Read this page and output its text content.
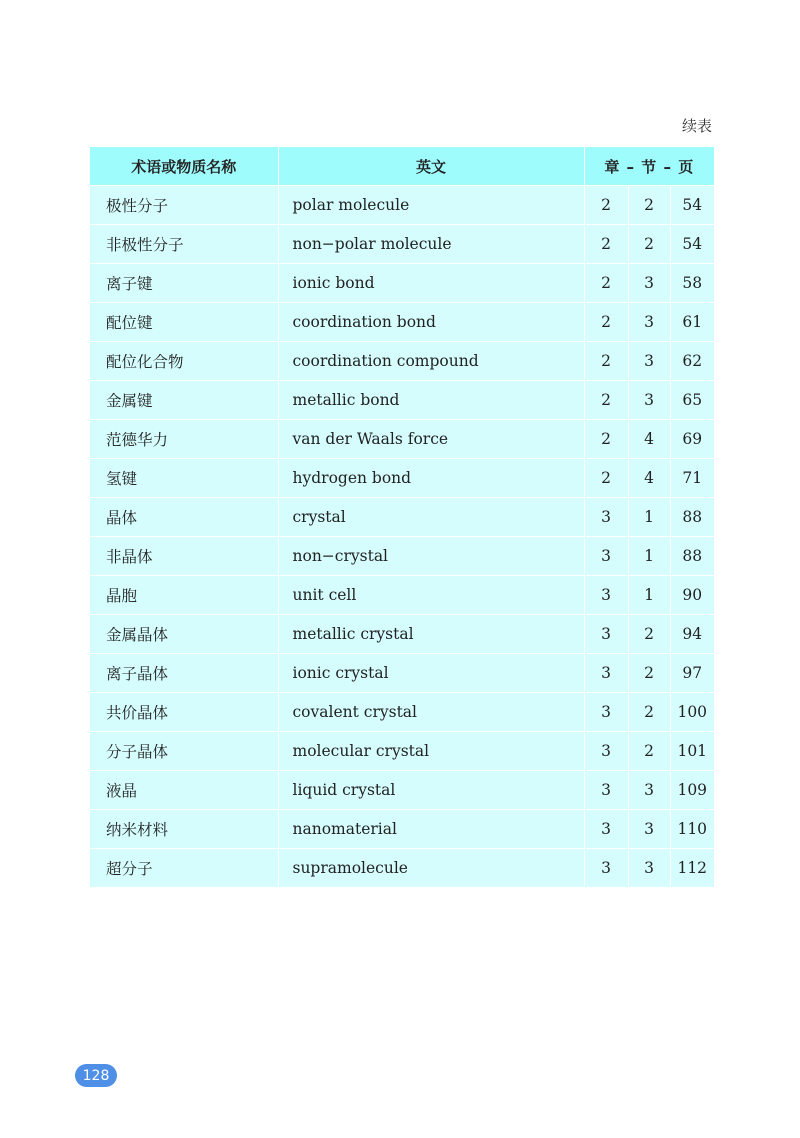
续表
术语或物质名称	英文	章 – 节 – 页		
极性分子	polar molecule	2	2	54
非极性分子	non−polar molecule	2	2	54
离子键	ionic bond	2	3	58
配位键	coordination bond	2	3	61
配位化合物	coordination compound	2	3	62
金属键	metallic bond	2	3	65
范德华力	van der Waals force	2	4	69
氢键	hydrogen bond	2	4	71
晶体	crystal	3	1	88
非晶体	non−crystal	3	1	88
晶胞	unit cell	3	1	90
金属晶体	metallic crystal	3	2	94
离子晶体	ionic crystal	3	2	97
共价晶体	covalent crystal	3	2	100
分子晶体	molecular crystal	3	2	101
液晶	liquid crystal	3	3	109
纳米材料	nanomaterial	3	3	110
超分子	supramolecule	3	3	112
128
